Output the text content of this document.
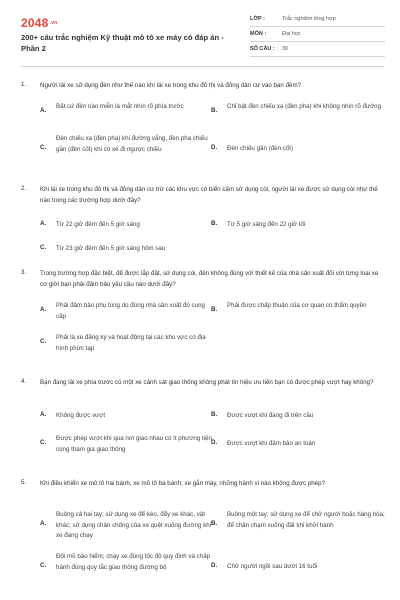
$2048^{.vn}$
200+ câu trắc nghiệm Kỹ thuật mô tô xe máy có đáp án - Phần 2
LỚP :	Trắc nghiệm tổng hợp
MÔN :	Đại học
SỐ CÂU :	30
1. Người lái xe sử dụng đèn như thế nào khi lái xe trong khu đô thị và đông dân cư vào ban đêm?
A.
Bất cứ đèn nào miễn là mắt nhìn rõ phía trước
B.
Chỉ bật đèn chiếu xa (đèn pha) khi không nhìn rõ đường
C.
Đèn chiếu xa (đèn pha) khi đường vắng, đèn pha chiếu gần (đèn cốt) khi có xe đi ngược chiều	D. Đèn chiếu gần (đèn cốt)
2. Khi lái xe trong khu đô thị và đông dân cư trừ các khu vực có biển cấm sử dụng còi, người lái xe được sử dụng còi như thế nào trong các trường hợp dưới đây?
A. Từ 22 giờ đêm đến 5 giờ sáng	B. Từ 5 giờ sáng đến 22 giờ tối
C. Từ 23 giờ đêm đến 5 giờ sáng hôm sau
3. Trong trường hợp đặc biệt, để được lắp đặt, sử dụng còi, đèn không đúng với thiết kế của nhà sản xuất đối với từng loại xe cơ giới bạn phải đảm bảo yêu cầu nào dưới đây?
A.
Phải đảm bảo phụ tùng do đúng nhà sản xuất đó cung cấp
B.
Phải được chấp thuận của cơ quan có thẩm quyền
C.
Phải là xe đăng ký và hoạt động tại các khu vực có địa hình phức tạp
4. Bạn đang lái xe phía trước có một xe cảnh sát giao thông không phát tín hiệu ưu tiên bạn có được phép vượt hay không?
A. Không được vượt	B. Được vượt khi đang đi trên cầu
C.
Được phép vượt khi qua nơi giao nhau có ít phương tiện cùng tham gia giao thông
D. Được vượt khi đảm bảo an toàn
5. Khi điều khiển xe mô tô hai bánh, xe mô tô ba bánh, xe gắn máy, những hành vi nào không được phép?
A.
Buông cả hai tay; sử dụng xe để kéo, đẩy xe khác, vật khác; sử dụng chân chống của xe quệt xuống đường khi xe đang chạy
B.
Buông một tay; sử dụng xe để chở người hoặc hàng hóa; để chân chạm xuống đất khi khởi hành
C.
Đội mũ bảo hiểm; chạy xe đúng tốc độ quy định và chấp hành đúng quy tắc giao thông đường bộ	D. Chở người ngồi sau dưới 16 tuổi
